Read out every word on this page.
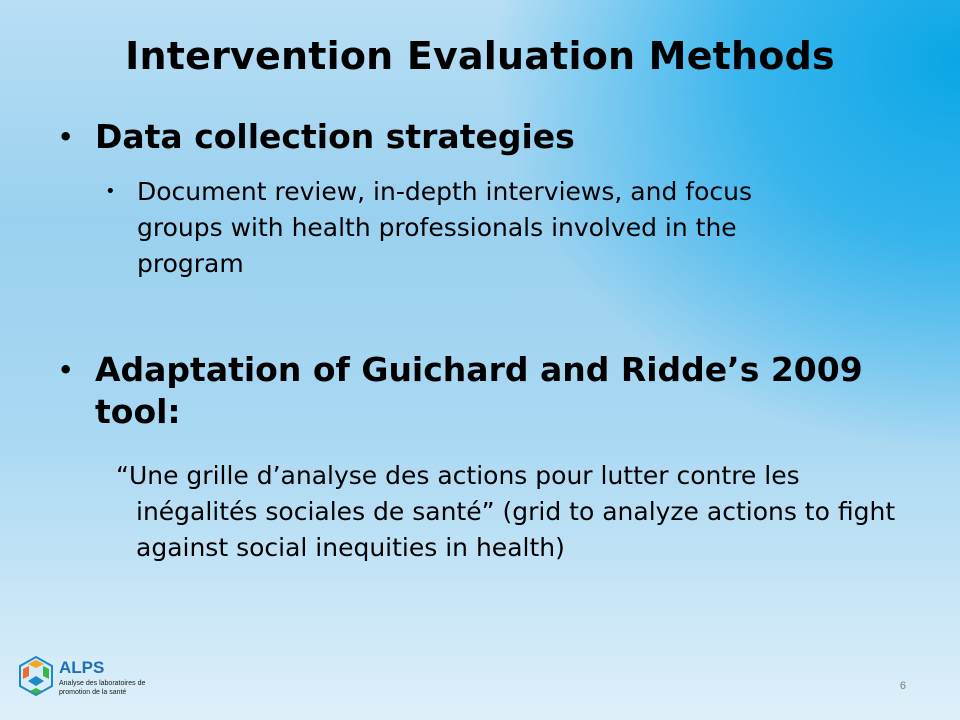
Intervention Evaluation Methods
• Data collection strategies
• Document review, in-depth interviews, and focus groups with health professionals involved in the program
• Adaptation of Guichard and Ridde’s 2009 tool:
“Une grille d’analyse des actions pour lutter contre les inégalités sociales de santé” (grid to analyze actions to fight against social inequities in health)
ALPS
Analyse des laboratoires de promotion de la santé	6
